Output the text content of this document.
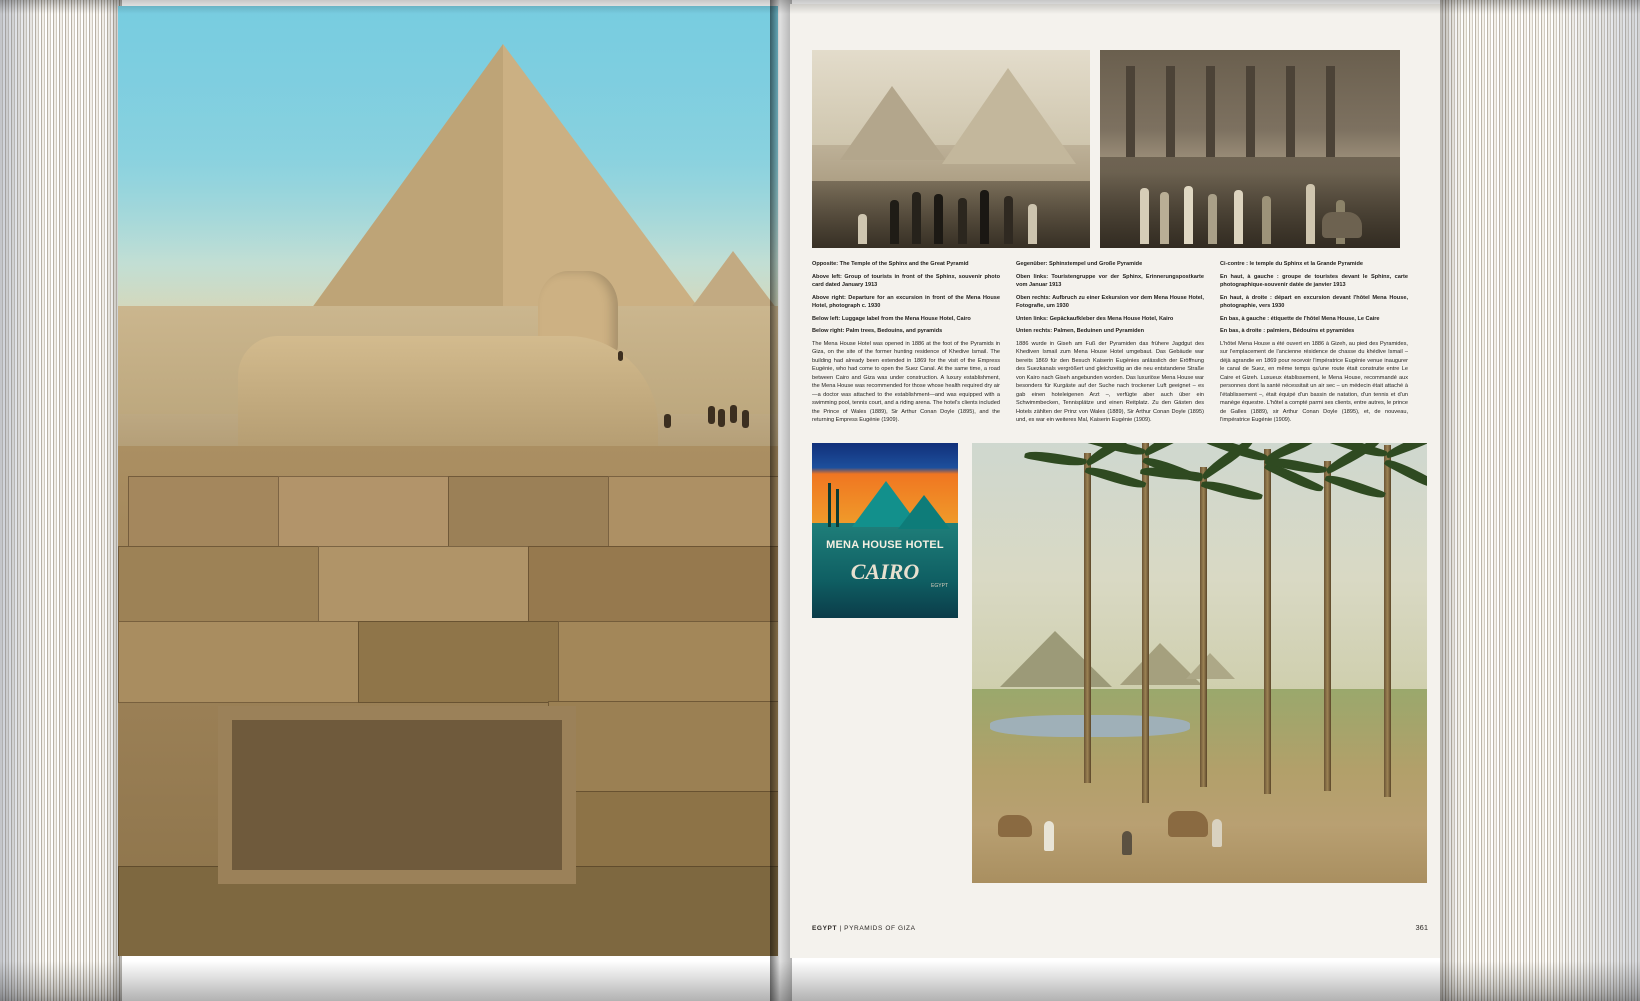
Opposite: The Temple of the Sphinx and the Great Pyramid

Above left: Group of tourists in front of the Sphinx, souvenir photo card dated January 1913

Above right: Departure for an excursion in front of the Mena House Hotel, photograph c. 1930

Below left: Luggage label from the Mena House Hotel, Cairo

Below right: Palm trees, Bedouins, and pyramids

The Mena House Hotel was opened in 1886 at the foot of the Pyramids in Giza, on the site of the former hunting residence of Khedive Ismail. The building had already been extended in 1869 for the visit of the Empress Eugénie, who had come to open the Suez Canal. At the same time, a road between Cairo and Giza was under construction. A luxury establishment, the Mena House was recommended for those whose health required dry air—a doctor was attached to the establishment—and was equipped with a swimming pool, tennis court, and a riding arena. The hotel's clients included the Prince of Wales (1889), Sir Arthur Conan Doyle (1895), and the returning Empress Eugénie (1909).

Gegenüber: Sphinxtempel und Große Pyramide

Oben links: Touristengruppe vor der Sphinx, Erinnerungspostkarte vom Januar 1913

Oben rechts: Aufbruch zu einer Exkursion vor dem Mena House Hotel, Fotografie, um 1930

Unten links: Gepäckaufkleber des Mena House Hotel, Kairo

Unten rechts: Palmen, Beduinen und Pyramiden

1886 wurde in Giseh am Fuß der Pyramiden das frühere Jagdgut des Khediven Ismail zum Mena House Hotel umgebaut. Das Gebäude war bereits 1869 für den Besuch Kaiserin Eugénies anlässlich der Eröffnung des Suezkanals vergrößert und gleichzeitig an die neu entstandene Straße von Kairo nach Giseh angebunden worden. Das luxuriöse Mena House war besonders für Kurgäste auf der Suche nach trockener Luft geeignet – es gab einen hoteleigenen Arzt –, verfügte aber auch über ein Schwimmbecken, Tennisplätze und einen Reitplatz. Zu den Gästen des Hotels zählten der Prinz von Wales (1889), Sir Arthur Conan Doyle (1895) und, es war ein weiteres Mal, Kaiserin Eugénie (1909).

Ci-contre : le temple du Sphinx et la Grande Pyramide

En haut, à gauche : groupe de touristes devant le Sphinx, carte photographique-souvenir datée de janvier 1913

En haut, à droite : départ en excursion devant l'hôtel Mena House, photographie, vers 1930

En bas, à gauche : étiquette de l'hôtel Mena House, Le Caire

En bas, à droite : palmiers, Bédouins et pyramides

L'hôtel Mena House a été ouvert en 1886 à Gizeh, au pied des Pyramides, sur l'emplacement de l'ancienne résidence de chasse du khédive Ismail – déjà agrandie en 1869 pour recevoir l'impératrice Eugénie venue inaugurer le canal de Suez, en même temps qu'une route était construite entre Le Caire et Gizeh. Luxueux établissement, le Mena House, recommandé aux personnes dont la santé nécessitait un air sec – un médecin était attaché à l'établissement –, était équipé d'un bassin de natation, d'un tennis et d'un manège équestre. L'hôtel a compté parmi ses clients, entre autres, le prince de Galles (1889), sir Arthur Conan Doyle (1895), et, de nouveau, l'impératrice Eugénie (1909).

MENA HOUSE HOTEL
CAIRO
EGYPT
EGYPT | PYRAMIDS OF GIZA	361
